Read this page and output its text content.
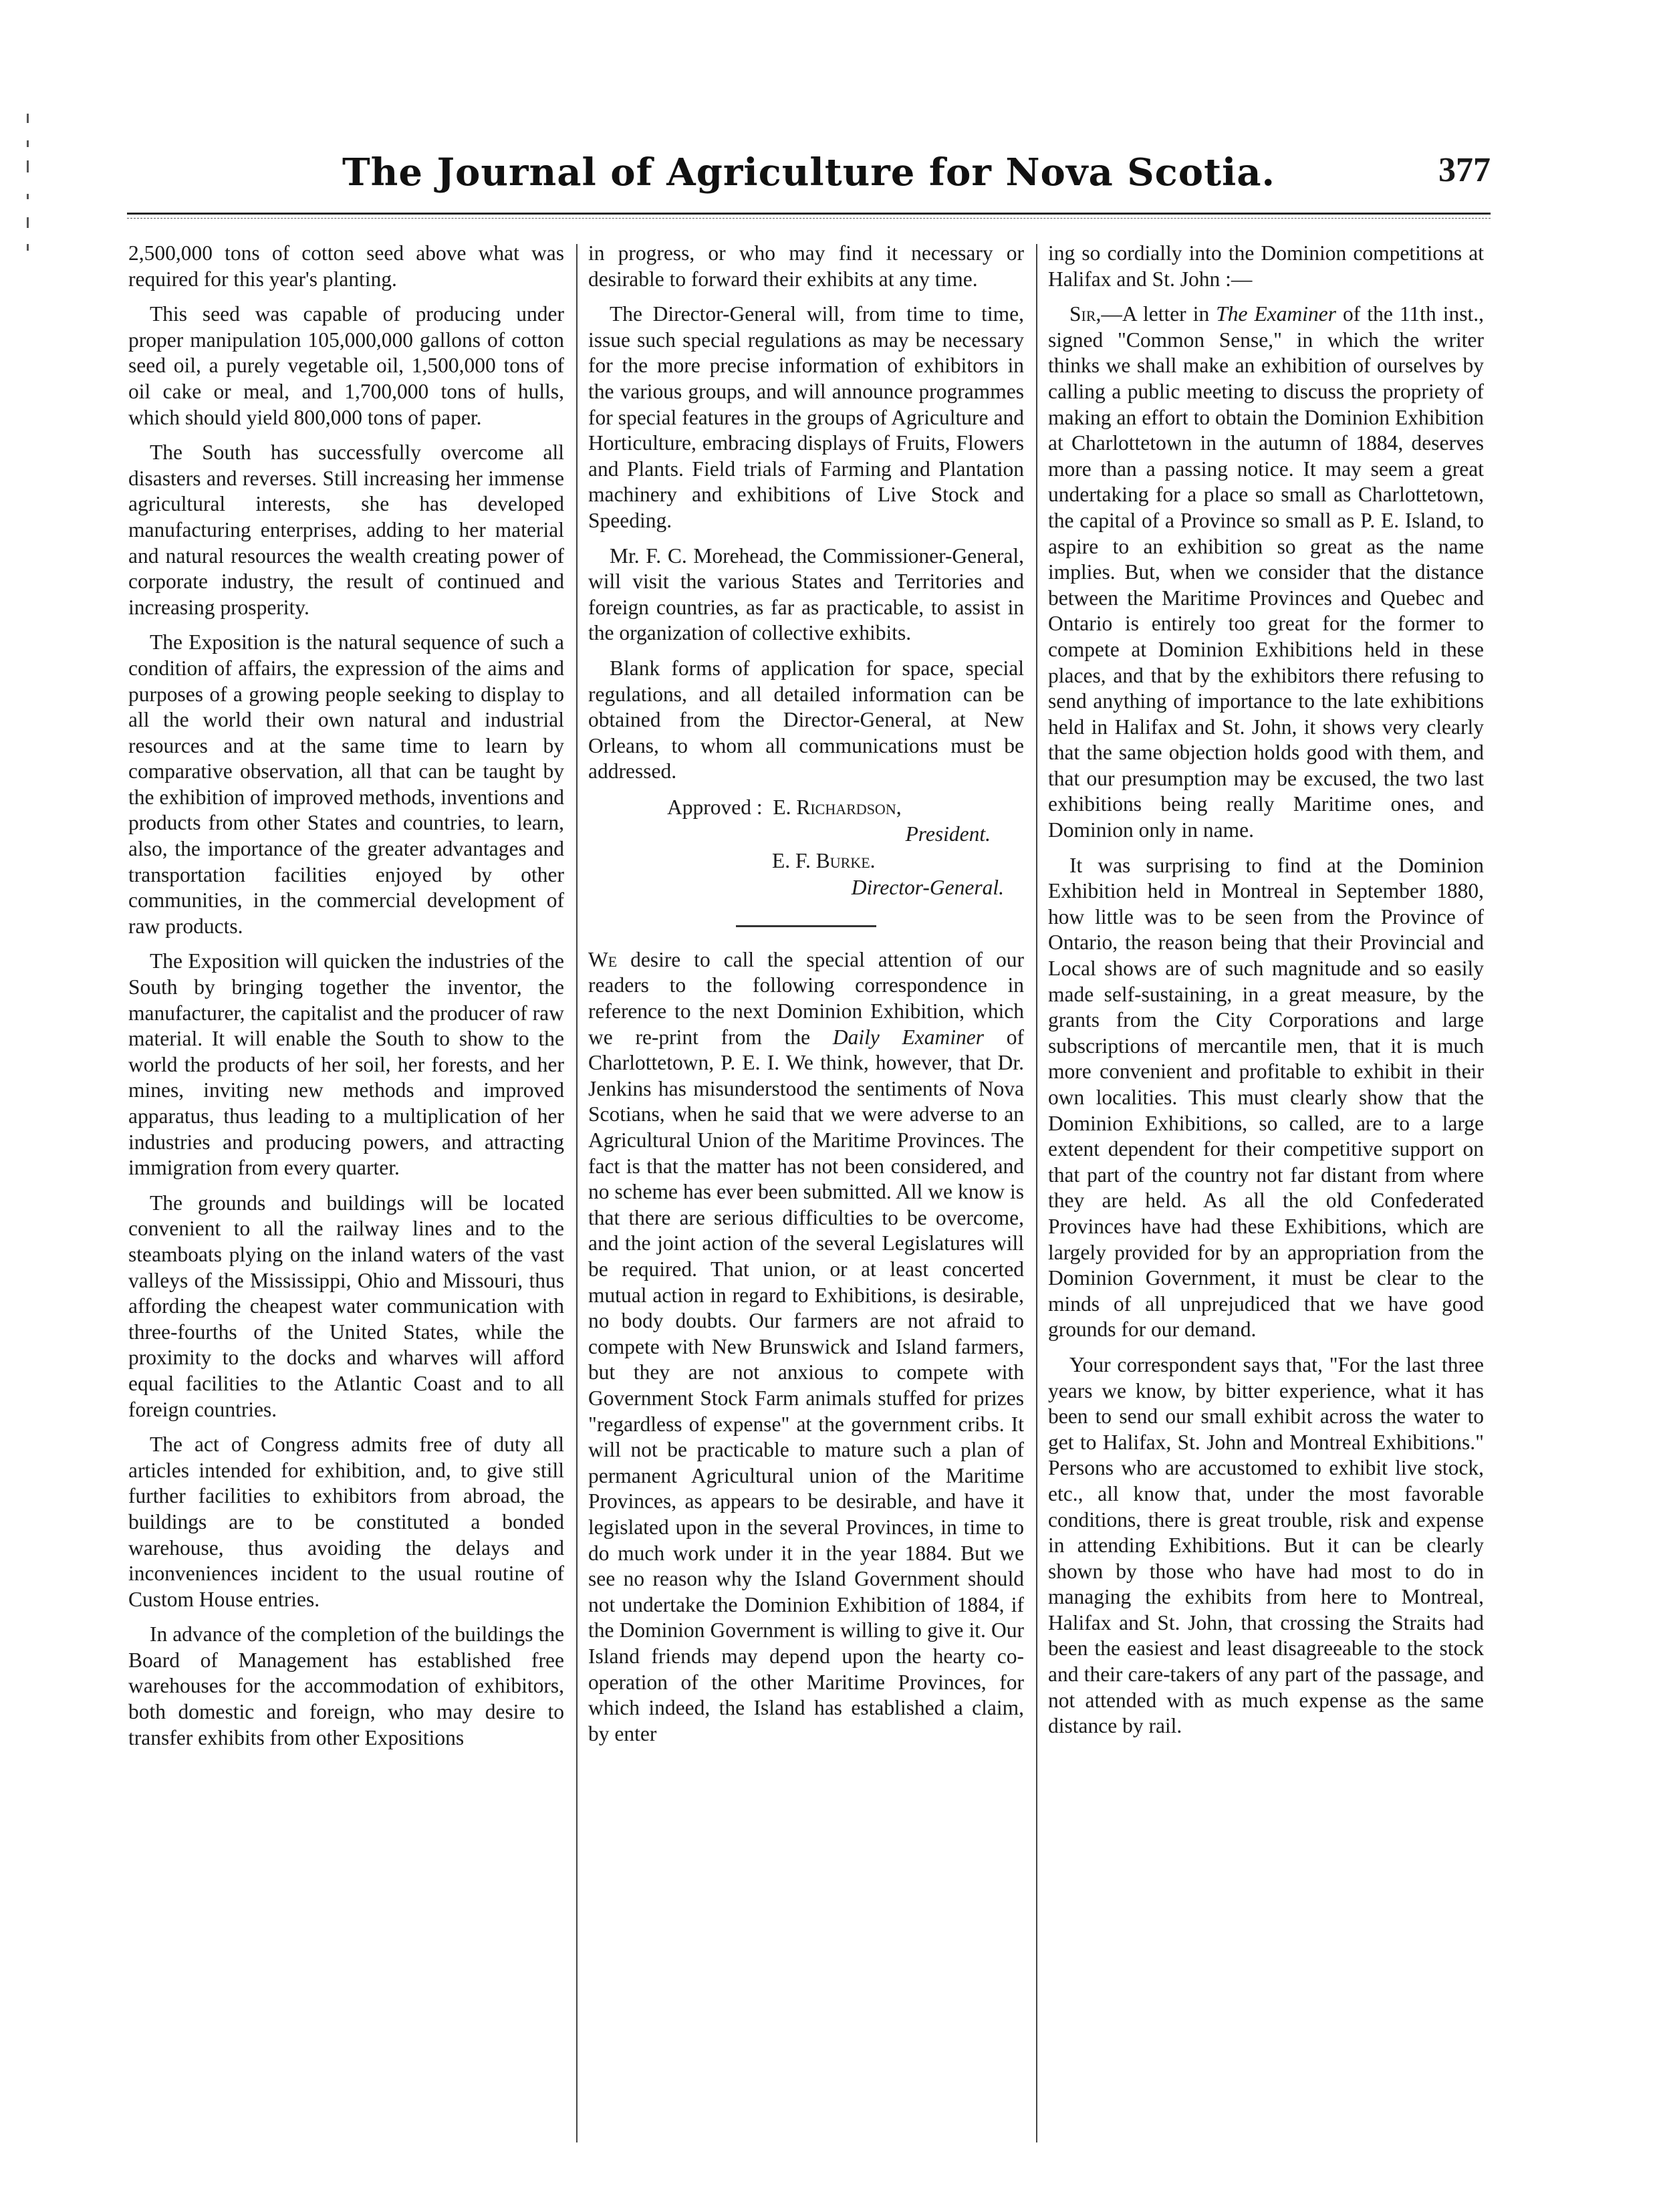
The Journal of Agriculture for Nova Scotia.	377

2,500,000 tons of cotton seed above what was required for this year's planting.

This seed was capable of producing under proper manipulation 105,000,000 gallons of cotton seed oil, a purely vegetable oil, 1,500,000 tons of oil cake or meal, and 1,700,000 tons of hulls, which should yield 800,000 tons of paper.

The South has successfully overcome all disasters and reverses. Still increasing her immense agricultural interests, she has developed manufacturing enterprises, adding to her material and natural resources the wealth creating power of corporate industry, the result of continued and increasing prosperity.

The Exposition is the natural sequence of such a condition of affairs, the expression of the aims and purposes of a growing people seeking to display to all the world their own natural and industrial resources and at the same time to learn by comparative observation, all that can be taught by the exhibition of improved methods, inventions and products from other States and countries, to learn, also, the importance of the greater advantages and transportation facilities enjoyed by other communities, in the commercial development of raw products.

The Exposition will quicken the industries of the South by bringing together the inventor, the manufacturer, the capitalist and the producer of raw material. It will enable the South to show to the world the products of her soil, her forests, and her mines, inviting new methods and improved apparatus, thus leading to a multiplication of her industries and producing powers, and attracting immigration from every quarter.

The grounds and buildings will be located convenient to all the railway lines and to the steamboats plying on the inland waters of the vast valleys of the Mississippi, Ohio and Missouri, thus affording the cheapest water communication with three-fourths of the United States, while the proximity to the docks and wharves will afford equal facilities to the Atlantic Coast and to all foreign countries.

The act of Congress admits free of duty all articles intended for exhibition, and, to give still further facilities to exhibitors from abroad, the buildings are to be constituted a bonded warehouse, thus avoiding the delays and inconveniences incident to the usual routine of Custom House entries.

In advance of the completion of the buildings the Board of Management has established free warehouses for the accommodation of exhibitors, both domestic and foreign, who may desire to transfer exhibits from other Expositions

in progress, or who may find it necessary or desirable to forward their exhibits at any time.

The Director-General will, from time to time, issue such special regulations as may be necessary for the more precise information of exhibitors in the various groups, and will announce programmes for special features in the groups of Agriculture and Horticulture, embracing displays of Fruits, Flowers and Plants. Field trials of Farming and Plantation machinery and exhibitions of Live Stock and Speeding.

Mr. F. C. Morehead, the Commissioner-General, will visit the various States and Territories and foreign countries, as far as practicable, to assist in the organization of collective exhibits.

Blank forms of application for space, special regulations, and all detailed information can be obtained from the Director-General, at New Orleans, to whom all communications must be addressed.

Approved : E. Richardson,
President.
E. F. Burke.
Director-General.

We desire to call the special attention of our readers to the following correspondence in reference to the next Dominion Exhibition, which we re-print from the Daily Examiner of Charlottetown, P. E. I. We think, however, that Dr. Jenkins has misunderstood the sentiments of Nova Scotians, when he said that we were adverse to an Agricultural Union of the Maritime Provinces. The fact is that the matter has not been considered, and no scheme has ever been submitted. All we know is that there are serious difficulties to be overcome, and the joint action of the several Legislatures will be required. That union, or at least concerted mutual action in regard to Exhibitions, is desirable, no body doubts. Our farmers are not afraid to compete with New Brunswick and Island farmers, but they are not anxious to compete with Government Stock Farm animals stuffed for prizes "regardless of expense" at the government cribs. It will not be practicable to mature such a plan of permanent Agricultural union of the Maritime Provinces, as appears to be desirable, and have it legislated upon in the several Provinces, in time to do much work under it in the year 1884. But we see no reason why the Island Government should not undertake the Dominion Exhibition of 1884, if the Dominion Government is willing to give it. Our Island friends may depend upon the hearty co-operation of the other Maritime Provinces, for which indeed, the Island has established a claim, by enter

ing so cordially into the Dominion competitions at Halifax and St. John :—

Sir,—A letter in The Examiner of the 11th inst., signed "Common Sense," in which the writer thinks we shall make an exhibition of ourselves by calling a public meeting to discuss the propriety of making an effort to obtain the Dominion Exhibition at Charlottetown in the autumn of 1884, deserves more than a passing notice. It may seem a great undertaking for a place so small as Charlottetown, the capital of a Province so small as P. E. Island, to aspire to an exhibition so great as the name implies. But, when we consider that the distance between the Maritime Provinces and Quebec and Ontario is entirely too great for the former to compete at Dominion Exhibitions held in these places, and that by the exhibitors there refusing to send anything of importance to the late exhibitions held in Halifax and St. John, it shows very clearly that the same objection holds good with them, and that our presumption may be excused, the two last exhibitions being really Maritime ones, and Dominion only in name.

It was surprising to find at the Dominion Exhibition held in Montreal in September 1880, how little was to be seen from the Province of Ontario, the reason being that their Provincial and Local shows are of such magnitude and so easily made self-sustaining, in a great measure, by the grants from the City Corporations and large subscriptions of mercantile men, that it is much more convenient and profitable to exhibit in their own localities. This must clearly show that the Dominion Exhibitions, so called, are to a large extent dependent for their competitive support on that part of the country not far distant from where they are held. As all the old Confederated Provinces have had these Exhibitions, which are largely provided for by an appropriation from the Dominion Government, it must be clear to the minds of all unprejudiced that we have good grounds for our demand.

Your correspondent says that, "For the last three years we know, by bitter experience, what it has been to send our small exhibit across the water to get to Halifax, St. John and Montreal Exhibitions." Persons who are accustomed to exhibit live stock, etc., all know that, under the most favorable conditions, there is great trouble, risk and expense in attending Exhibitions. But it can be clearly shown by those who have had most to do in managing the exhibits from here to Montreal, Halifax and St. John, that crossing the Straits had been the easiest and least disagreeable to the stock and their care-takers of any part of the passage, and not attended with as much expense as the same distance by rail.
